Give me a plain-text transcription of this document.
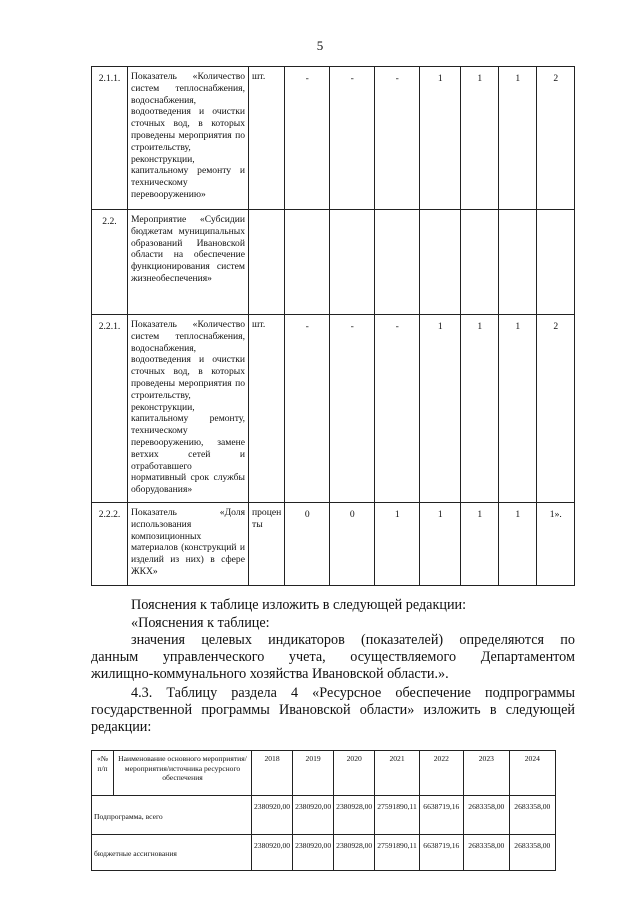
5
2.1.1.	Показатель «Количество систем теплоснабжения, водоснабжения, водоотведения и очистки сточных вод, в которых проведены мероприятия по строительству, реконструкции, капитальному ремонту и техническому перевооружению»	шт.	-	-	-	1	1	1	2
2.2.	Мероприятие «Субсидии бюджетам муниципальных образований Ивановской области на обеспечение функционирования систем жизнеобеспечения»								
2.2.1.	Показатель «Количество систем теплоснабжения, водоснабжения, водоотведения и очистки сточных вод, в которых проведены мероприятия по строительству, реконструкции, капитальному ремонту, техническому перевооружению, замене ветхих сетей и отработавшего нормативный срок службы оборудования»	шт.	-	-	-	1	1	1	2
2.2.2.	Показатель «Доля использования композиционных материалов (конструкций и изделий из них) в сфере ЖКХ»	процен ты	0	0	1	1	1	1	1».
Пояснения к таблице изложить в следующей редакции:
«Пояснения к таблице:
значения целевых индикаторов (показателей) определяются по
данным управленческого учета, осуществляемого Департаментом
жилищно-коммунального хозяйства Ивановской области.».
4.3. Таблицу раздела 4 «Ресурсное обеспечение подпрограммы
государственной программы Ивановской области» изложить в следующей
редакции:
«№ п/п	Наименование основного мероприятия/мероприятия/источника ресурсного обеспечения	2018	2019	2020	2021	2022	2023	2024
Подпрограмма, всего		2380920,00	2380920,00	2380928,00	27591890,11	6638719,16	2683358,00	2683358,00
бюджетные ассигнования		2380920,00	2380920,00	2380928,00	27591890,11	6638719,16	2683358,00	2683358,00
